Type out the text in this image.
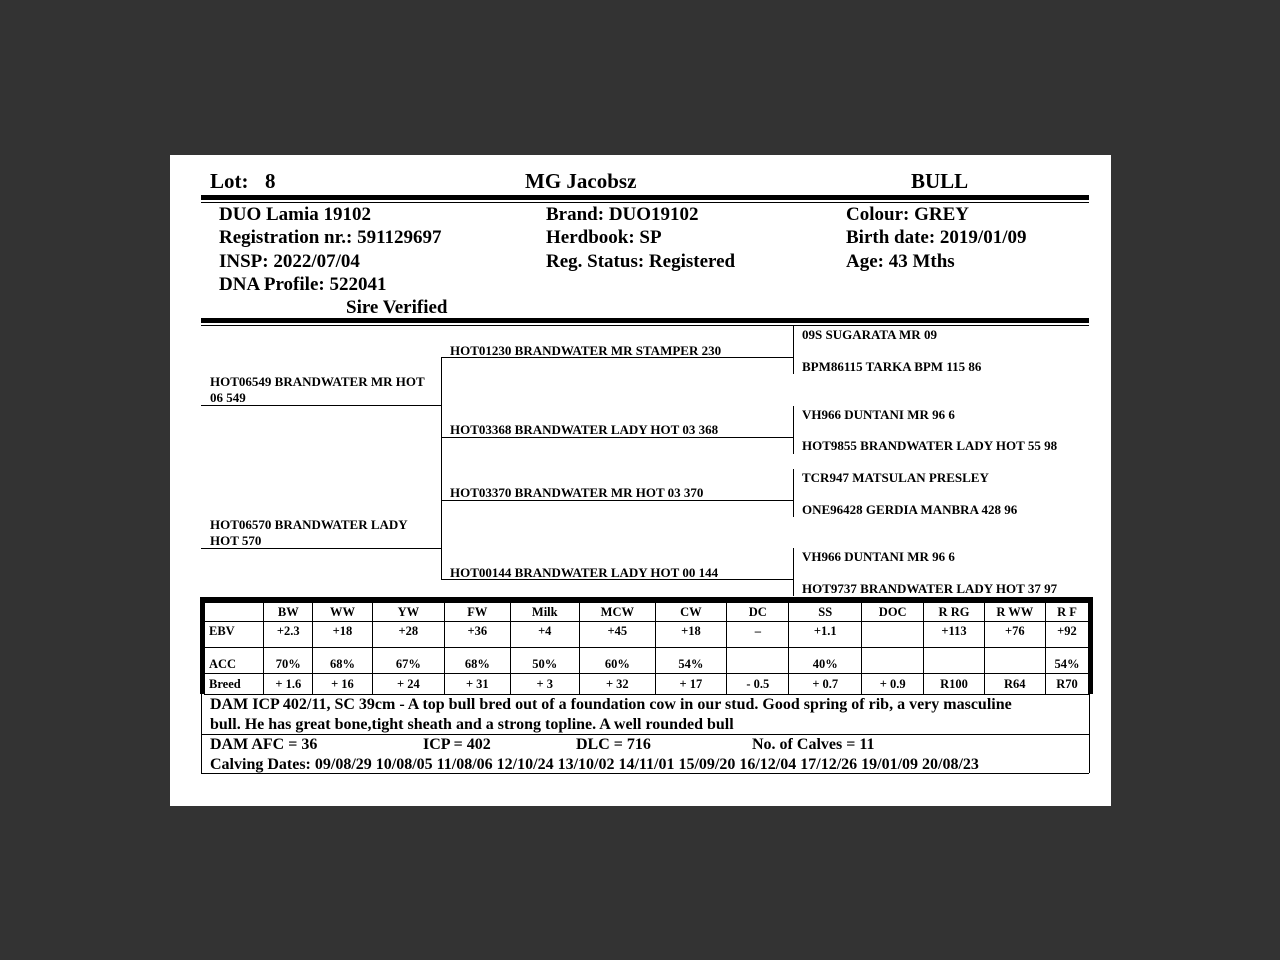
Lot: 8	MG Jacobsz	BULL
DUO Lamia 19102
Registration nr.: 591129697
INSP: 2022/07/04
DNA Profile: 522041
Sire Verified
Brand: DUO19102
Herdbook: SP
Reg. Status: Registered
Colour: GREY
Birth date: 2019/01/09
Age: 43 Mths
HOT06549 BRANDWATER MR HOT 06 549
HOT06570 BRANDWATER LADY HOT 570
HOT01230 BRANDWATER MR STAMPER 230
HOT03368 BRANDWATER LADY HOT 03 368
HOT03370 BRANDWATER MR HOT 03 370
HOT00144 BRANDWATER LADY HOT 00 144
09S SUGARATA MR 09
BPM86115 TARKA BPM 115 86
VH966 DUNTANI MR 96 6
HOT9855 BRANDWATER LADY HOT 55 98
TCR947 MATSULAN PRESLEY
ONE96428 GERDIA MANBRA 428 96
VH966 DUNTANI MR 96 6
HOT9737 BRANDWATER LADY HOT 37 97
	BW	WW	YW	FW	Milk	MCW	CW	DC	SS	DOC	R RG	R WW	R F
EBV	+2.3	+18	+28	+36	+4	+45	+18	–	+1.1		+113	+76	+92
ACC	70%	68%	67%	68%	50%	60%	54%		40%				54%
Breed	+ 1.6	+ 16	+ 24	+ 31	+ 3	+ 32	+ 17	- 0.5	+ 0.7	+ 0.9	R100	R64	R70
DAM ICP 402/11, SC 39cm - A top bull bred out of a foundation cow in our stud. Good spring of rib, a very masculine
bull. He has great bone,tight sheath and a strong topline. A well rounded bull
DAM AFC = 36	ICP = 402	DLC = 716	No. of Calves = 11
Calving Dates: 09/08/29 10/08/05 11/08/06 12/10/24 13/10/02 14/11/01 15/09/20 16/12/04 17/12/26 19/01/09 20/08/23
